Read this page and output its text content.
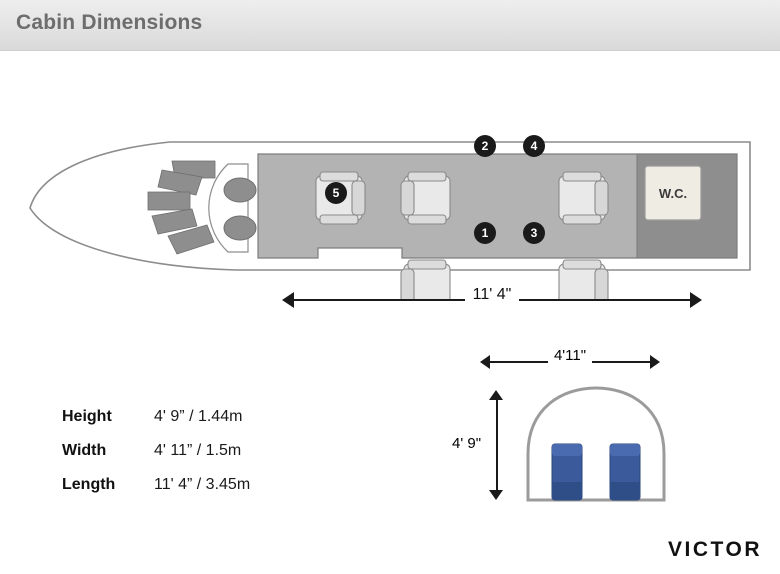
Cabin Dimensions
W.C.
2	4
1	3
5
11' 4"
Height	4' 9” / 1.44m
Width	4' 11” / 1.5m
Length	11' 4” / 3.45m
4'11"
4' 9"
VICTOR
